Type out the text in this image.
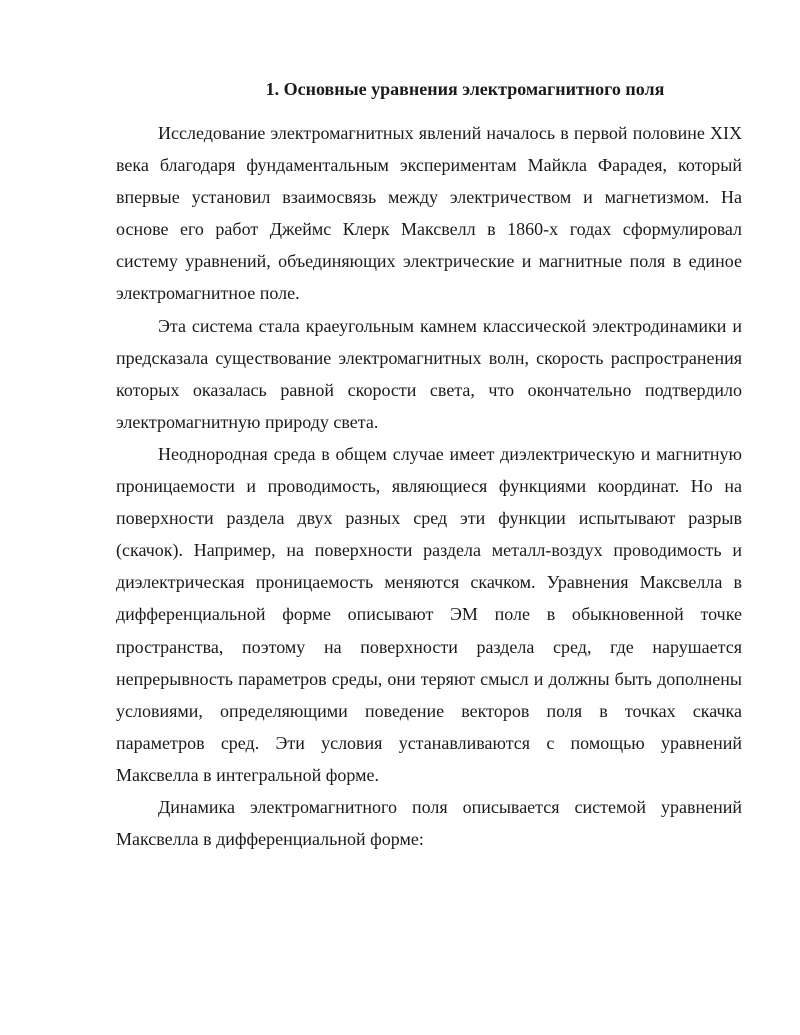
1. Основные уравнения электромагнитного поля

Исследование электромагнитных явлений началось в первой половине XIX века благодаря фундаментальным экспериментам Майкла Фарадея, который впервые установил взаимосвязь между электричеством и магнетизмом. На основе его работ Джеймс Клерк Максвелл в 1860-х годах сформулировал систему уравнений, объединяющих электрические и магнитные поля в единое электромагнитное поле.

Эта система стала краеугольным камнем классической электродинамики и предсказала существование электромагнитных волн, скорость распространения которых оказалась равной скорости света, что окончательно подтвердило электромагнитную природу света.

Неоднородная среда в общем случае имеет диэлектрическую и магнитную проницаемости и проводимость, являющиеся функциями координат. Но на поверхности раздела двух разных сред эти функции испытывают разрыв (скачок). Например, на поверхности раздела металл-воздух проводимость и диэлектрическая проницаемость меняются скачком. Уравнения Максвелла в дифференциальной форме описывают ЭМ поле в обыкновенной точке пространства, поэтому на поверхности раздела сред, где нарушается непрерывность параметров среды, они теряют смысл и должны быть дополнены условиями, определяющими поведение векторов поля в точках скачка параметров сред. Эти условия устанавливаются с помощью уравнений Максвелла в интегральной форме.

Динамика электромагнитного поля описывается системой уравнений Максвелла в дифференциальной форме:
